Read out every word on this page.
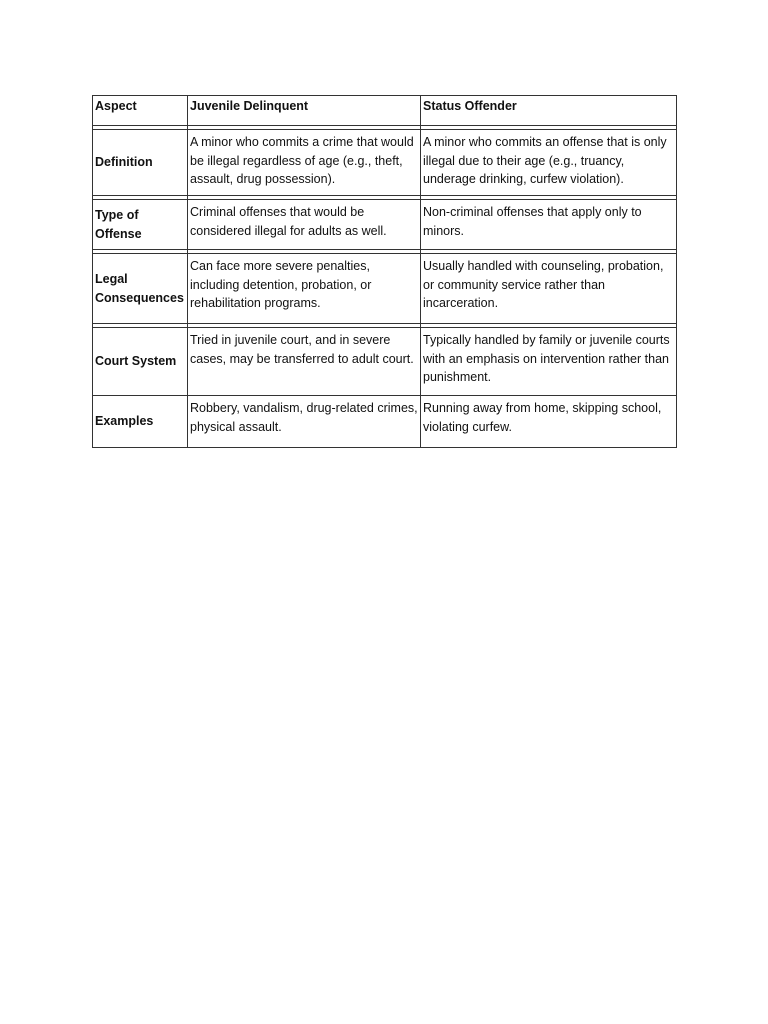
Aspect	Juvenile Delinquent	Status Offender

Definition	A minor who commits a crime that would be illegal regardless of age (e.g., theft, assault, drug possession).	A minor who commits an offense that is only illegal due to their age (e.g., truancy, underage drinking, curfew violation).

Type of Offense	Criminal offenses that would be considered illegal for adults as well.	Non-criminal offenses that apply only to minors.

Legal Consequences	Can face more severe penalties, including detention, probation, or rehabilitation programs.	Usually handled with counseling, probation, or community service rather than incarceration.

Court System	Tried in juvenile court, and in severe cases, may be transferred to adult court.	Typically handled by family or juvenile courts with an emphasis on intervention rather than punishment.
Examples	Robbery, vandalism, drug-related crimes, physical assault.	Running away from home, skipping school, violating curfew.
